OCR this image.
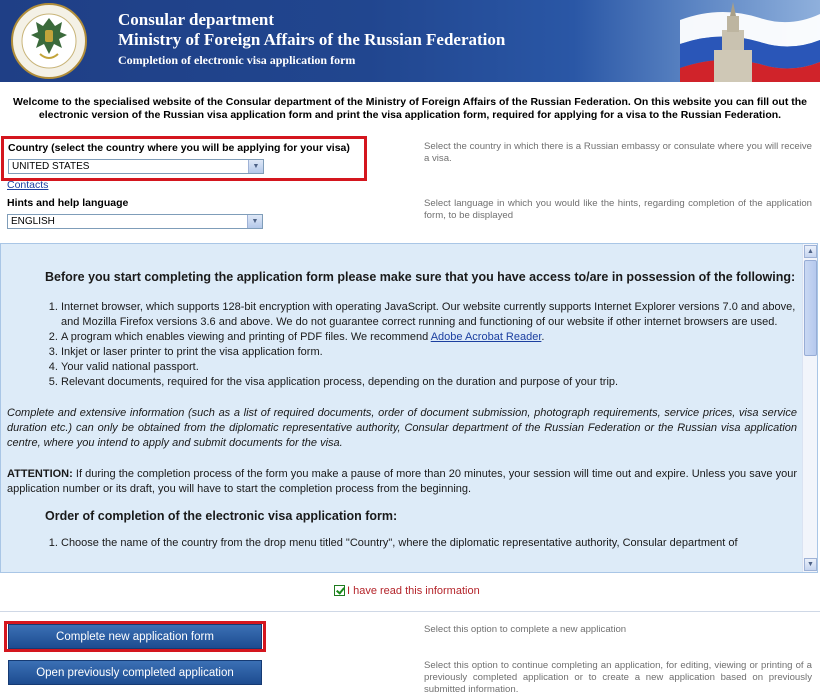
Consular department
Ministry of Foreign Affairs of the Russian Federation
Completion of electronic visa application form
Welcome to the specialised website of the Consular department of the Ministry of Foreign Affairs of the Russian Federation. On this website you can fill out the electronic version of the Russian visa application form and print the visa application form, required for applying for a visa to the Russian Federation.
Country (select the country where you will be applying for your visa)
UNITED STATES	▼
Select the country in which there is a Russian embassy or consulate where you will receive a visa.
Contacts
Hints and help language
ENGLISH	▼
Select language in which you would like the hints, regarding completion of the application form, to be displayed
Before you start completing the application form please make sure that you have access to/are in possession of the following:
1. Internet browser, which supports 128-bit encryption with operating JavaScript. Our website currently supports Internet Explorer versions 7.0 and above, and Mozilla Firefox versions 3.6 and above. We do not guarantee correct running and functioning of our website if other internet browsers are used.
2. A program which enables viewing and printing of PDF files. We recommend Adobe Acrobat Reader.
3. Inkjet or laser printer to print the visa application form.
4. Your valid national passport.
5. Relevant documents, required for the visa application process, depending on the duration and purpose of your trip.
Complete and extensive information (such as a list of required documents, order of document submission, photograph requirements, service prices, visa service duration etc.) can only be obtained from the diplomatic representative authority, Consular department of the Russian Federation or the Russian visa application centre, where you intend to apply and submit documents for the visa.
ATTENTION: If during the completion process of the form you make a pause of more than 20 minutes, your session will time out and expire. Unless you save your application number or its draft, you will have to start the completion process from the beginning.
Order of completion of the electronic visa application form:
1. Choose the name of the country from the drop menu titled "Country", where the diplomatic representative authority, Consular department of
▲
▼
I have read this information
Complete new application form
Select this option to complete a new application
Open previously completed application
Select this option to continue completing an application, for editing, viewing or printing of a previously completed application or to create a new application based on previously submitted information.
